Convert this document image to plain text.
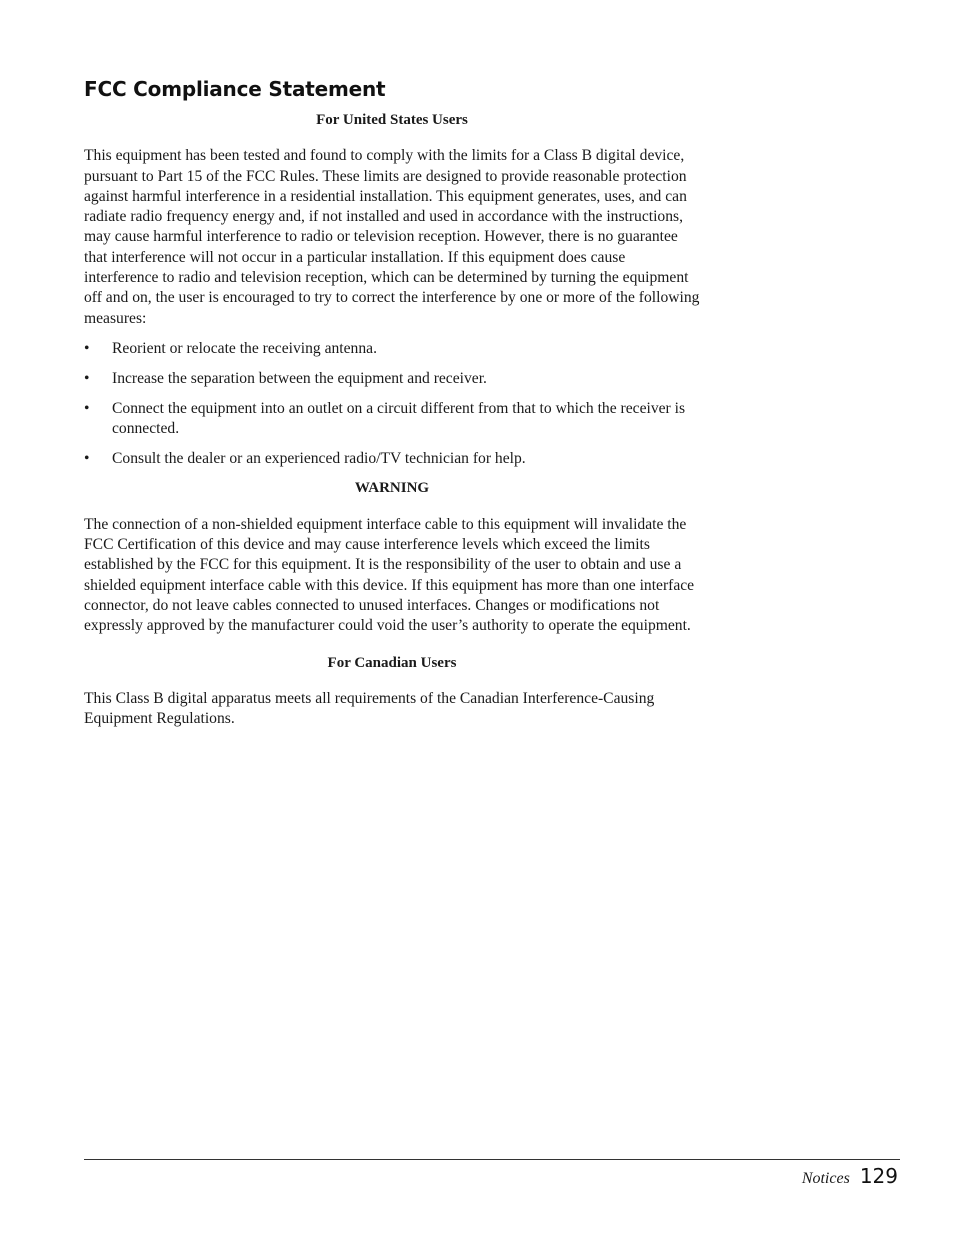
FCC Compliance Statement

For United States Users

This equipment has been tested and found to comply with the limits for a Class B digital device, pursuant to Part 15 of the FCC Rules. These limits are designed to provide reasonable protection against harmful interference in a residential installation. This equipment generates, uses, and can radiate radio frequency energy and, if not installed and used in accordance with the instructions, may cause harmful interference to radio or television reception. However, there is no guarantee that interference will not occur in a particular installation. If this equipment does cause interference to radio and television reception, which can be determined by turning the equipment off and on, the user is encouraged to try to correct the interference by one or more of the following measures:

• Reorient or relocate the receiving antenna.
• Increase the separation between the equipment and receiver.
• Connect the equipment into an outlet on a circuit different from that to which the receiver is connected.
• Consult the dealer or an experienced radio/TV technician for help.

WARNING

The connection of a non-shielded equipment interface cable to this equipment will invalidate the FCC Certification of this device and may cause interference levels which exceed the limits established by the FCC for this equipment. It is the responsibility of the user to obtain and use a shielded equipment interface cable with this device. If this equipment has more than one interface connector, do not leave cables connected to unused interfaces. Changes or modifications not expressly approved by the manufacturer could void the user’s authority to operate the equipment.

For Canadian Users

This Class B digital apparatus meets all requirements of the Canadian Interference-Causing Equipment Regulations.

Notices 129
